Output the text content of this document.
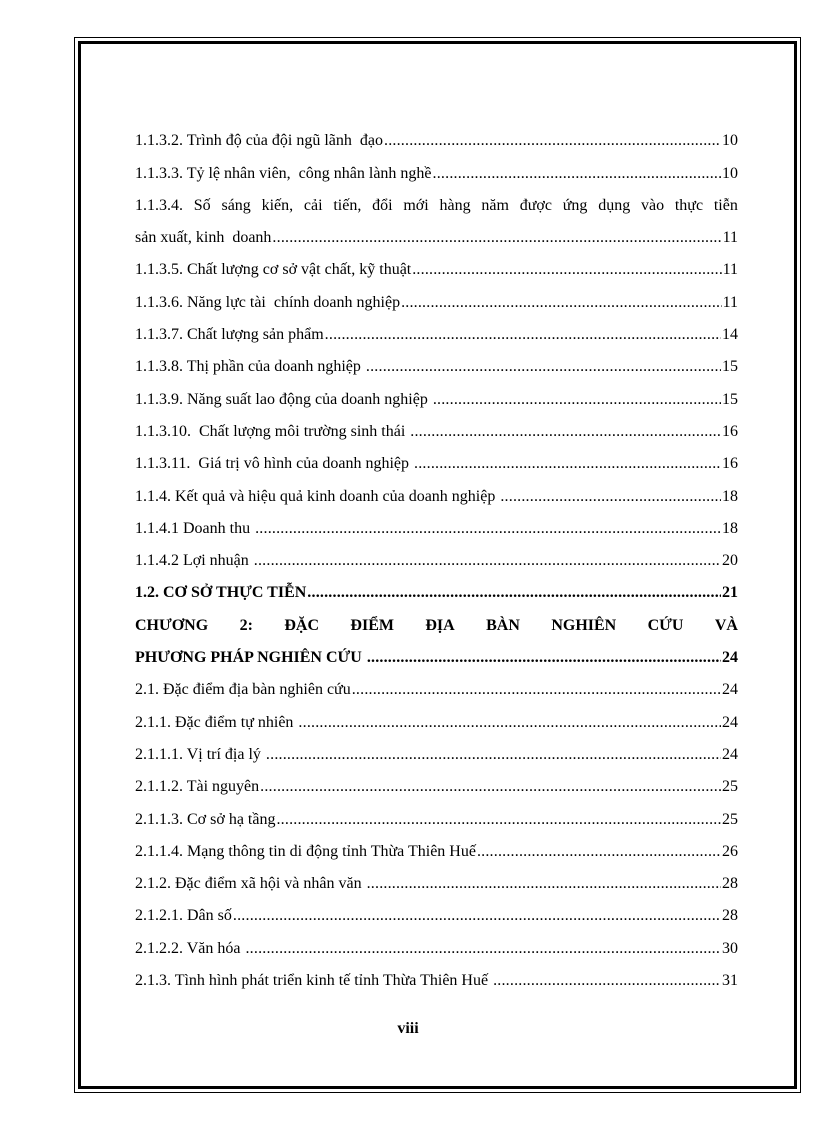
1.1.3.2. Trình độ của đội ngũ lãnh  đạo .....	10
1.1.3.3. Tỷ lệ nhân viên,  công nhân lành nghề .....	10
1.1.3.4. Số sáng kiến, cải tiến, đổi mới hàng năm được ứng dụng vào thực tiễn
sản xuất, kinh  doanh .....	11
1.1.3.5. Chất lượng cơ sở vật chất, kỹ thuật .....	11
1.1.3.6. Năng lực tài  chính doanh nghiệp .....	11
1.1.3.7. Chất lượng sản phẩm .....	14
1.1.3.8. Thị phần của doanh nghiệp .....	15
1.1.3.9. Năng suất lao động của doanh nghiệp .....	15
1.1.3.10.  Chất lượng môi trường sinh thái .....	16
1.1.3.11.  Giá trị vô hình của doanh nghiệp .....	16
1.1.4. Kết quả và hiệu quả kinh doanh của doanh nghiệp .....	18
1.1.4.1 Doanh thu .....	18
1.1.4.2 Lợi nhuận .....	20
1.2. CƠ SỞ THỰC TIỄN .....	21
CHƯƠNG 2: ĐẶC ĐIỂM ĐỊA BÀN NGHIÊN CỨU VÀ
PHƯƠNG PHÁP NGHIÊN CỨU .....	24
2.1. Đặc điểm địa bàn nghiên cứu .....	24
2.1.1. Đặc điểm tự nhiên .....	24
2.1.1.1. Vị trí địa lý .....	24
2.1.1.2. Tài nguyên .....	25
2.1.1.3. Cơ sở hạ tầng .....	25
2.1.1.4. Mạng thông tin di động tỉnh Thừa Thiên Huế .....	26
2.1.2. Đặc điểm xã hội và nhân văn .....	28
2.1.2.1. Dân số .....	28
2.1.2.2. Văn hóa .....	30
2.1.3. Tình hình phát triển kinh tế tỉnh Thừa Thiên Huế .....	31
viii
